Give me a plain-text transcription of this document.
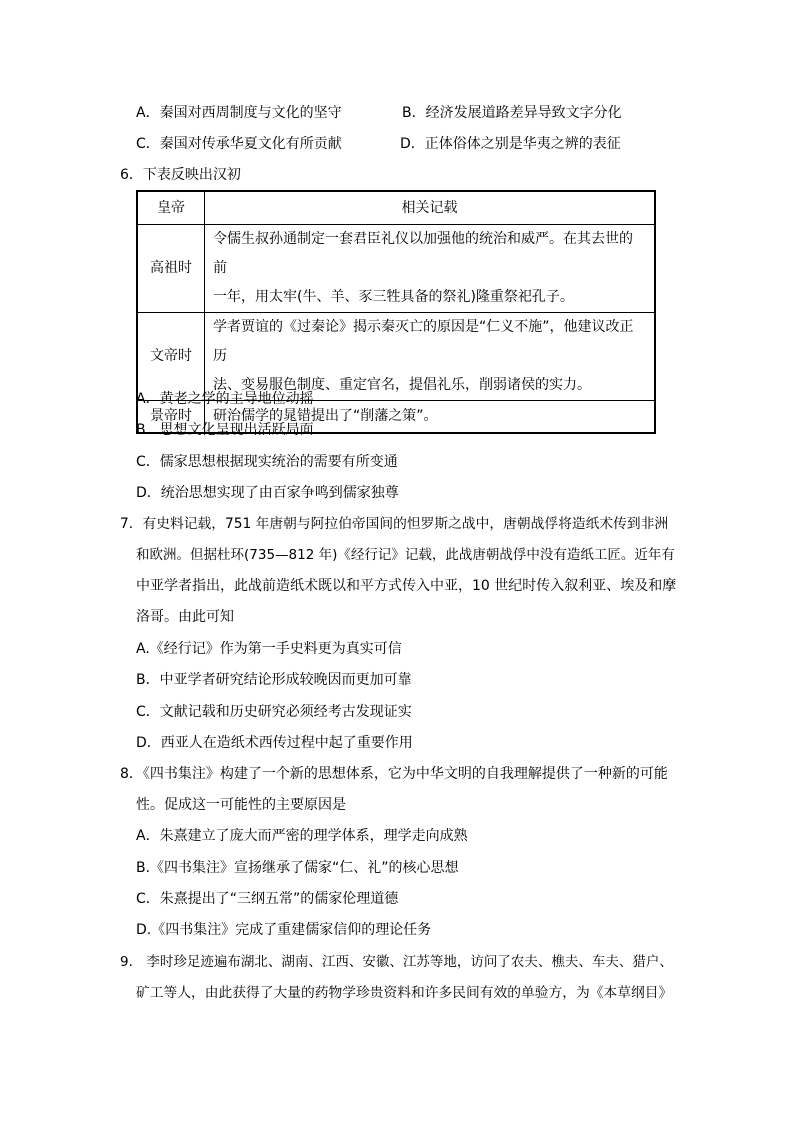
A．秦国对西周制度与文化的坚守	B．经济发展道路差异导致文字分化
C．秦国对传承华夏文化有所贡献	D．正体俗体之别是华夷之辨的表征
6．下表反映出汉初
皇帝	相关记载
高祖时	令儒生叔孙通制定一套君臣礼仪以加强他的统治和威严。在其去世的前
一年，用太牢(牛、羊、豕三牲具备的祭礼)隆重祭祀孔子。

文帝时	学者贾谊的《过秦论》揭示秦灭亡的原因是“仁义不施”，他建议改正历
法、变易服色制度、重定官名，提倡礼乐，削弱诸侯的实力。

景帝时	研治儒学的晁错提出了“削藩之策”。
A．黄老之学的主导地位动摇
B．思想文化呈现出活跃局面
C．儒家思想根据现实统治的需要有所变通
D．统治思想实现了由百家争鸣到儒家独尊
7．有史料记载，751 年唐朝与阿拉伯帝国间的怛罗斯之战中，唐朝战俘将造纸术传到非洲
和欧洲。但据杜环(735—812 年)《经行记》记载，此战唐朝战俘中没有造纸工匠。近年有
中亚学者指出，此战前造纸术既以和平方式传入中亚，10 世纪时传入叙利亚、埃及和摩
洛哥。由此可知
A.《经行记》作为第一手史料更为真实可信
B．中亚学者研究结论形成较晚因而更加可靠
C．文献记载和历史研究必须经考古发现证实
D．西亚人在造纸术西传过程中起了重要作用
8．《四书集注》构建了一个新的思想体系，它为中华文明的自我理解提供了一种新的可能
性。促成这一可能性的主要原因是
A．朱熹建立了庞大而严密的理学体系，理学走向成熟
B.《四书集注》宣扬继承了儒家“仁、礼”的核心思想
C．朱熹提出了“三纲五常”的儒家伦理道德
D.《四书集注》完成了重建儒家信仰的理论任务
9． 李时珍足迹遍布湖北、湖南、江西、安徽、江苏等地，访问了农夫、樵夫、车夫、猎户、
矿工等人，由此获得了大量的药物学珍贵资料和许多民间有效的单验方，为《本草纲目》
